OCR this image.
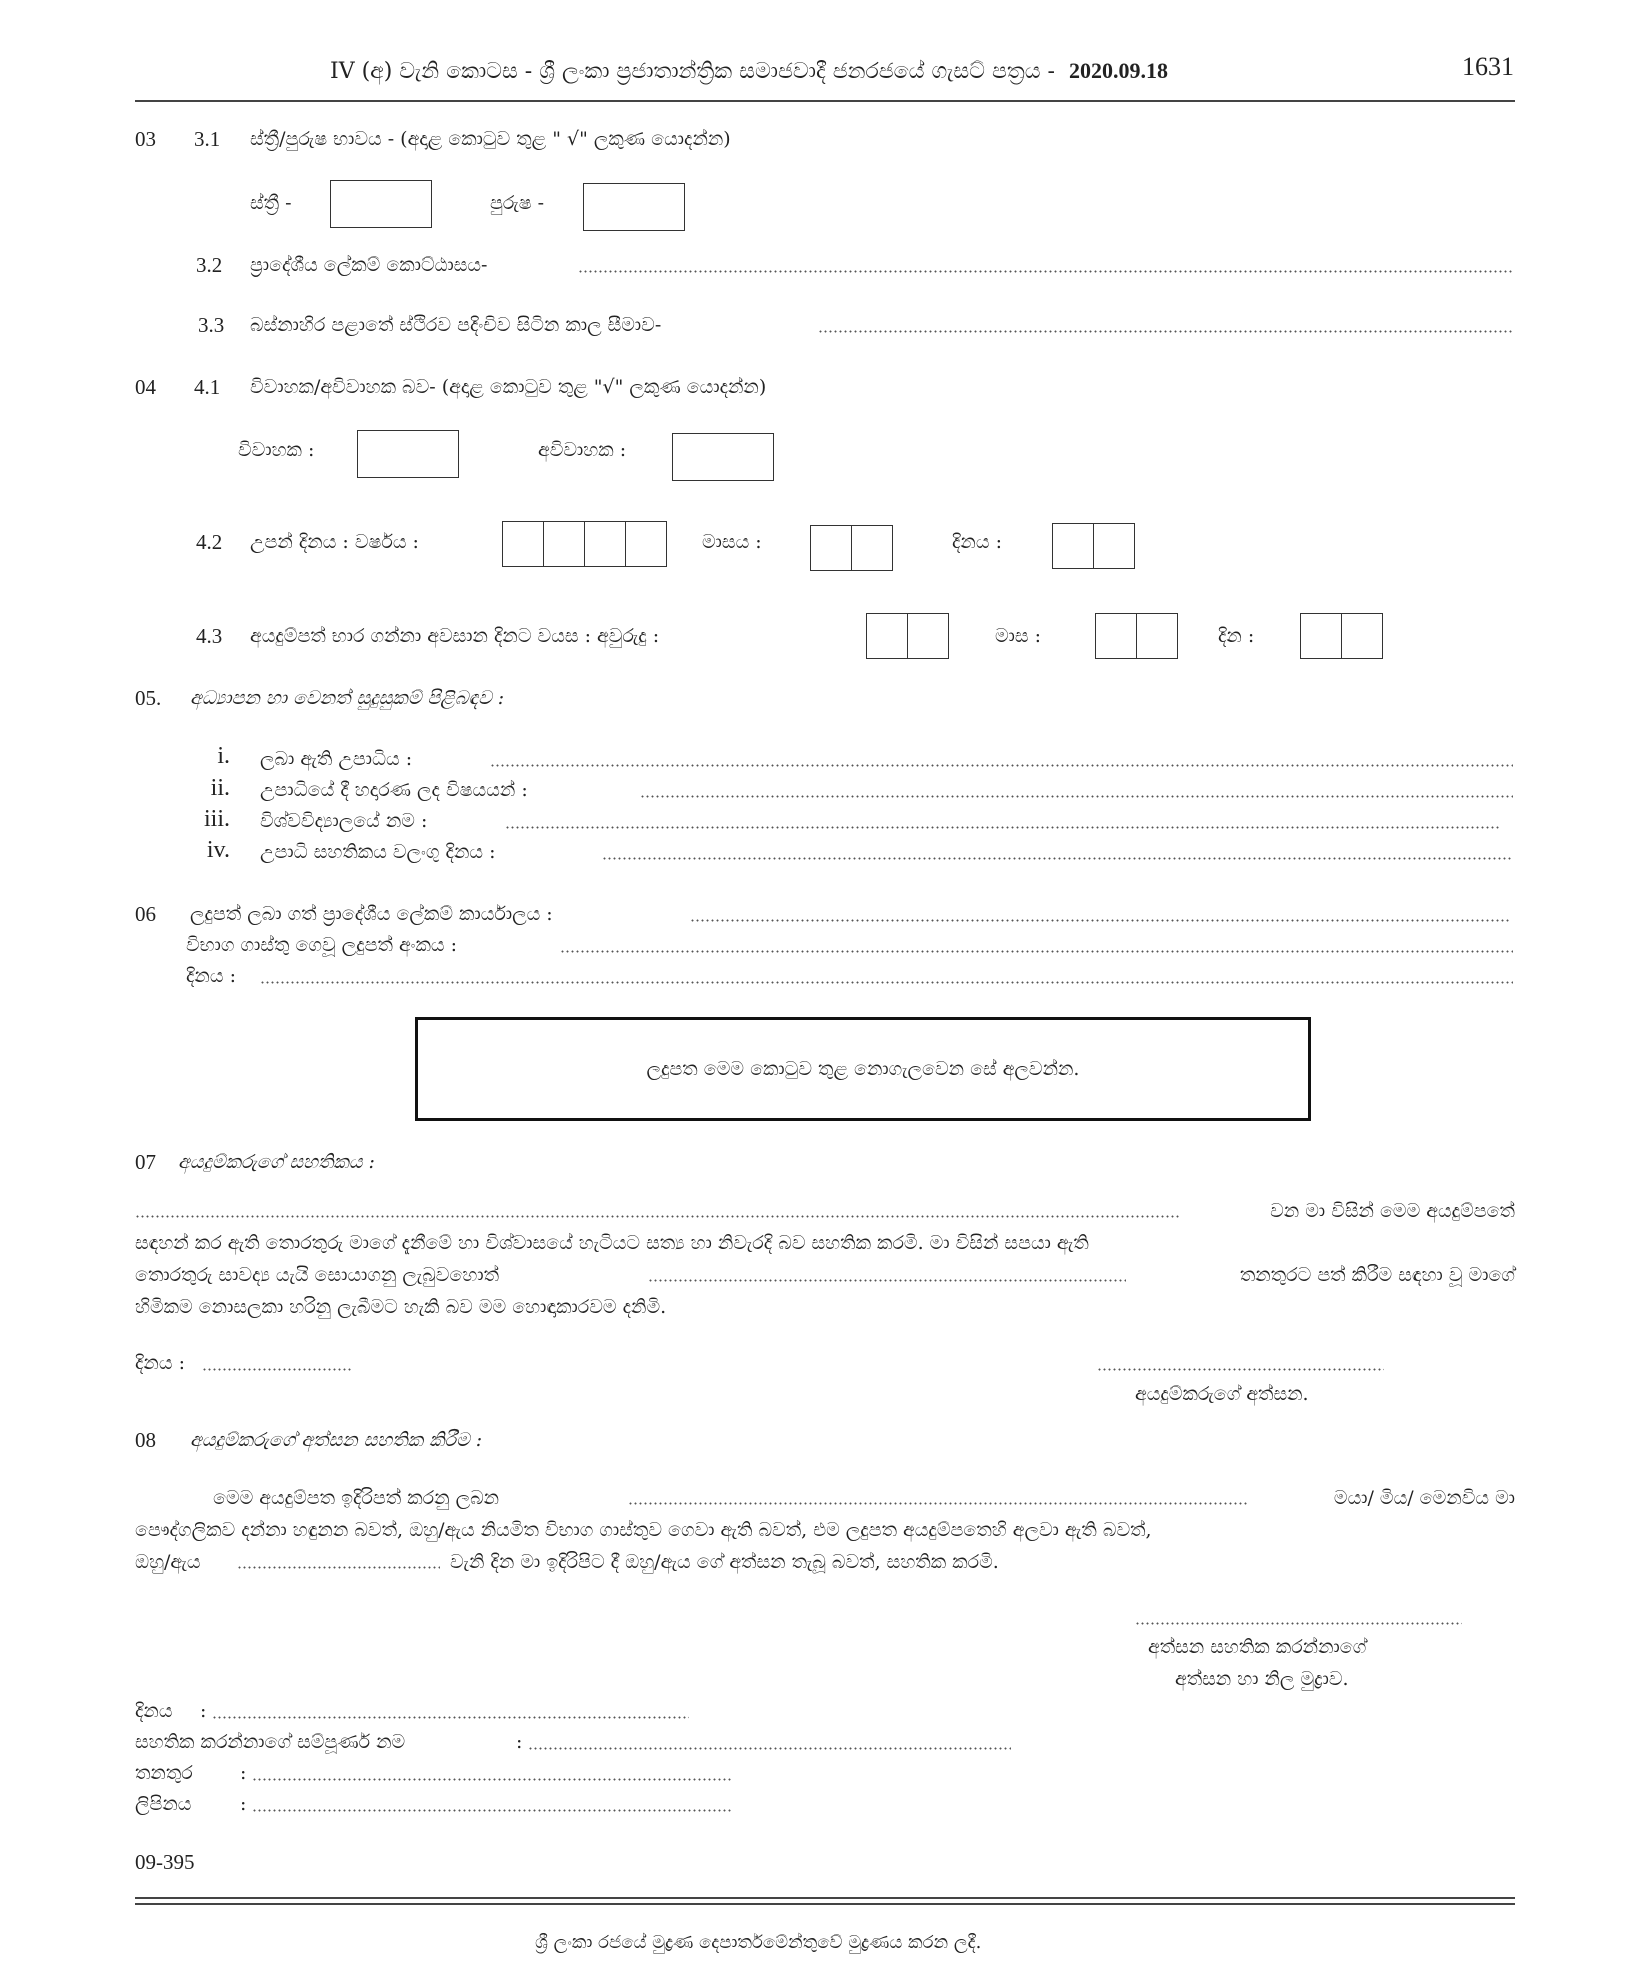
IV (අ) වැනි කොටස - ශ්‍රී ලංකා ප්‍රජාතාන්ත්‍රික සමාජවාදී ජනරජයේ ගැසට් පත්‍රය - 2020.09.18	1631
03 3.1 ස්ත්‍රී/පුරුෂ භාවය - (අදාළ කොටුව තුළ " √" ලකුණ යොදන්න)
ස්ත්‍රී -	පුරුෂ -
3.2 ප්‍රාදේශීය ලේකම් කොට්ඨාසය-
3.3 බස්නාහිර පළාතේ ස්ථිරව පදිංචිව සිටින කාල සීමාව-
04 4.1 විවාහක/අවිවාහක බව- (අදාළ කොටුව තුළ "√" ලකුණ යොදන්න)
විවාහක :	අවිවාහක :
4.2 උපන් දිනය : වර්ෂය :	මාසය :	දිනය :
4.3 අයදුම්පත් භාර ගන්නා අවසාන දිනට වයස : අවුරුදු :	මාස :	දින :
05. අධ්‍යාපන හා වෙනත් සුදුසුකම් පිළිබඳව :
i. ලබා ඇති උපාධිය :
ii. උපාධියේ දී හදාරණ ලද විෂයයන් :
iii. විශ්වවිද්‍යාලයේ නම :
iv. උපාධි සහතිකය වලංගු දිනය :
06 ලදුපත් ලබා ගත් ප්‍රාදේශීය ලේකම් කාර්යාලය :
විභාග ගාස්තු ගෙවූ ලදුපත් අංකය :
දිනය :
ලදුපත මෙම කොටුව තුළ නොගැලවෙන සේ අලවන්න.
07 අයදුම්කරුගේ සහතිකය :
වන මා විසින් මෙම අයදුම්පතේ
සඳහන් කර ඇති තොරතුරු මාගේ දැනීමේ හා විශ්වාසයේ හැටියට සත්‍ය හා නිවැරදි බව සහතික කරමි. මා විසින් සපයා ඇති
තොරතුරු සාවද්‍ය යැයි සොයාගනු ලැබුවහොත්	තනතුරට පත් කිරීම සඳහා වූ මාගේ
හිමිකම නොසලකා හරිනු ලැබීමට හැකි බව මම හොඳාකාරවම දනිමි.
දිනය :
අයදුම්කරුගේ අත්සන.
08 අයදුම්කරුගේ අත්සන සහතික කිරීම :
මෙම අයදුම්පත ඉදිරිපත් කරනු ලබන	මයා/ මිය/ මෙනවිය මා
පෞද්ගලිකව දන්නා හඳුනන බවත්, ඔහු/ඇය නියමිත විභාග ගාස්තුව ගෙවා ඇති බවත්, එම ලදුපත අයදුම්පතෙහි අලවා ඇති බවත්,
ඔහු/ඇය	වැනි දින මා ඉදිරිපිට දී ඔහු/ඇය ගේ අත්සන තැබූ බවත්, සහතික කරමි.
අත්සන සහතික කරන්නාගේ
අත්සන හා නිල මුද්‍රාව.
දිනය :
සහතික කරන්නාගේ සම්පූර්ණ නම	:
තනතුර :
ලිපිනය	:
09-395
ශ්‍රී ලංකා රජයේ මුද්‍රණ දෙපාර්තමේන්තුවේ මුද්‍රණය කරන ලදී.
